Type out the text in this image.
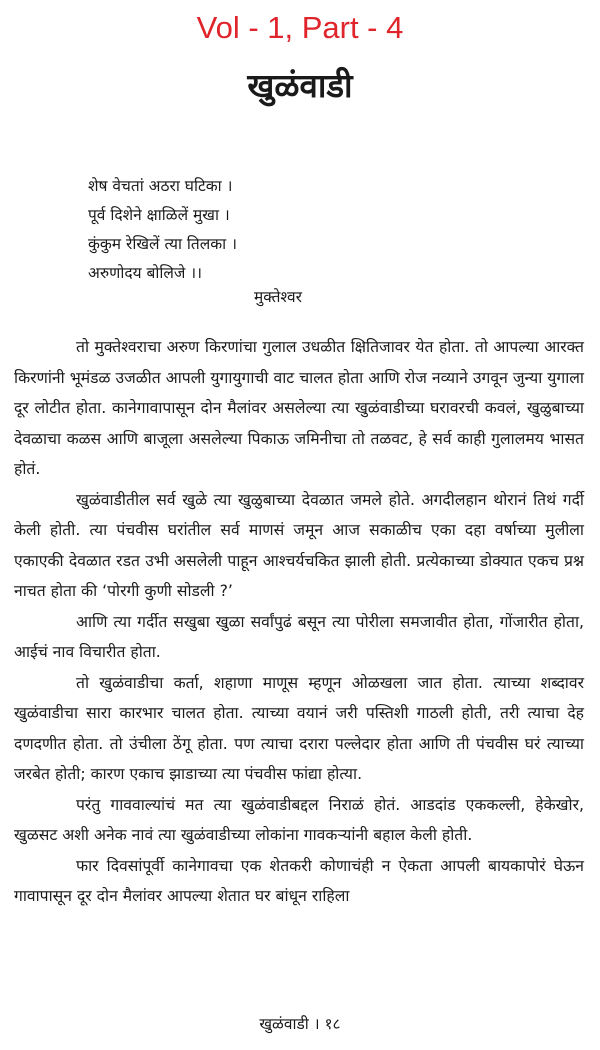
Vol - 1, Part - 4
खुळंवाडी
शेष वेचतां अठरा घटिका ।
पूर्व दिशेने क्षाळिलें मुखा ।
कुंकुम रेखिलें त्या तिलका ।
अरुणोदय बोलिजे ।।
मुक्तेश्वर

तो मुक्तेश्वराचा अरुण किरणांचा गुलाल उधळीत क्षितिजावर येत होता. तो आपल्या आरक्त किरणांनी भूमंडळ उजळीत आपली युगायुगाची वाट चालत होता आणि रोज नव्याने उगवून जुन्या युगाला दूर लोटीत होता. कानेगावापासून दोन मैलांवर असलेल्या त्या खुळंवाडीच्या घरावरची कवलं, खुळुबाच्या देवळाचा कळस आणि बाजूला असलेल्या पिकाऊ जमिनीचा तो तळवट, हे सर्व काही गुलालमय भासत होतं.

खुळंवाडीतील सर्व खुळे त्या खुळुबाच्या देवळात जमले होते. अगदीलहान थोरानं तिथं गर्दी केली होती. त्या पंचवीस घरांतील सर्व माणसं जमून आज सकाळीच एका दहा वर्षाच्या मुलीला एकाएकी देवळात रडत उभी असलेली पाहून आश्चर्यचकित झाली होती. प्रत्येकाच्या डोक्यात एकच प्रश्न नाचत होता की ‘पोरगी कुणी सोडली ?’

आणि त्या गर्दीत सखुबा खुळा सर्वांपुढं बसून त्या पोरीला समजावीत होता, गोंजारीत होता, आईचं नाव विचारीत होता.

तो खुळंवाडीचा कर्ता, शहाणा माणूस म्हणून ओळखला जात होता. त्याच्या शब्दावर खुळंवाडीचा सारा कारभार चालत होता. त्याच्या वयानं जरी पस्तिशी गाठली होती, तरी त्याचा देह दणदणीत होता. तो उंचीला ठेंगू होता. पण त्याचा दरारा पल्लेदार होता आणि ती पंचवीस घरं त्याच्या जरबेत होती; कारण एकाच झाडाच्या त्या पंचवीस फांद्या होत्या.

परंतु गाववाल्यांचं मत त्या खुळंवाडीबद्दल निराळं होतं. आडदांड एककल्ली, हेकेखोर, खुळसट अशी अनेक नावं त्या खुळंवाडीच्या लोकांना गावकऱ्यांनी बहाल केली होती.

फार दिवसांपूर्वी कानेगावचा एक शेतकरी कोणाचंही न ऐकता आपली बायकापोरं घेऊन गावापासून दूर दोन मैलांवर आपल्या शेतात घर बांधून राहिला

खुळंवाडी । १८
